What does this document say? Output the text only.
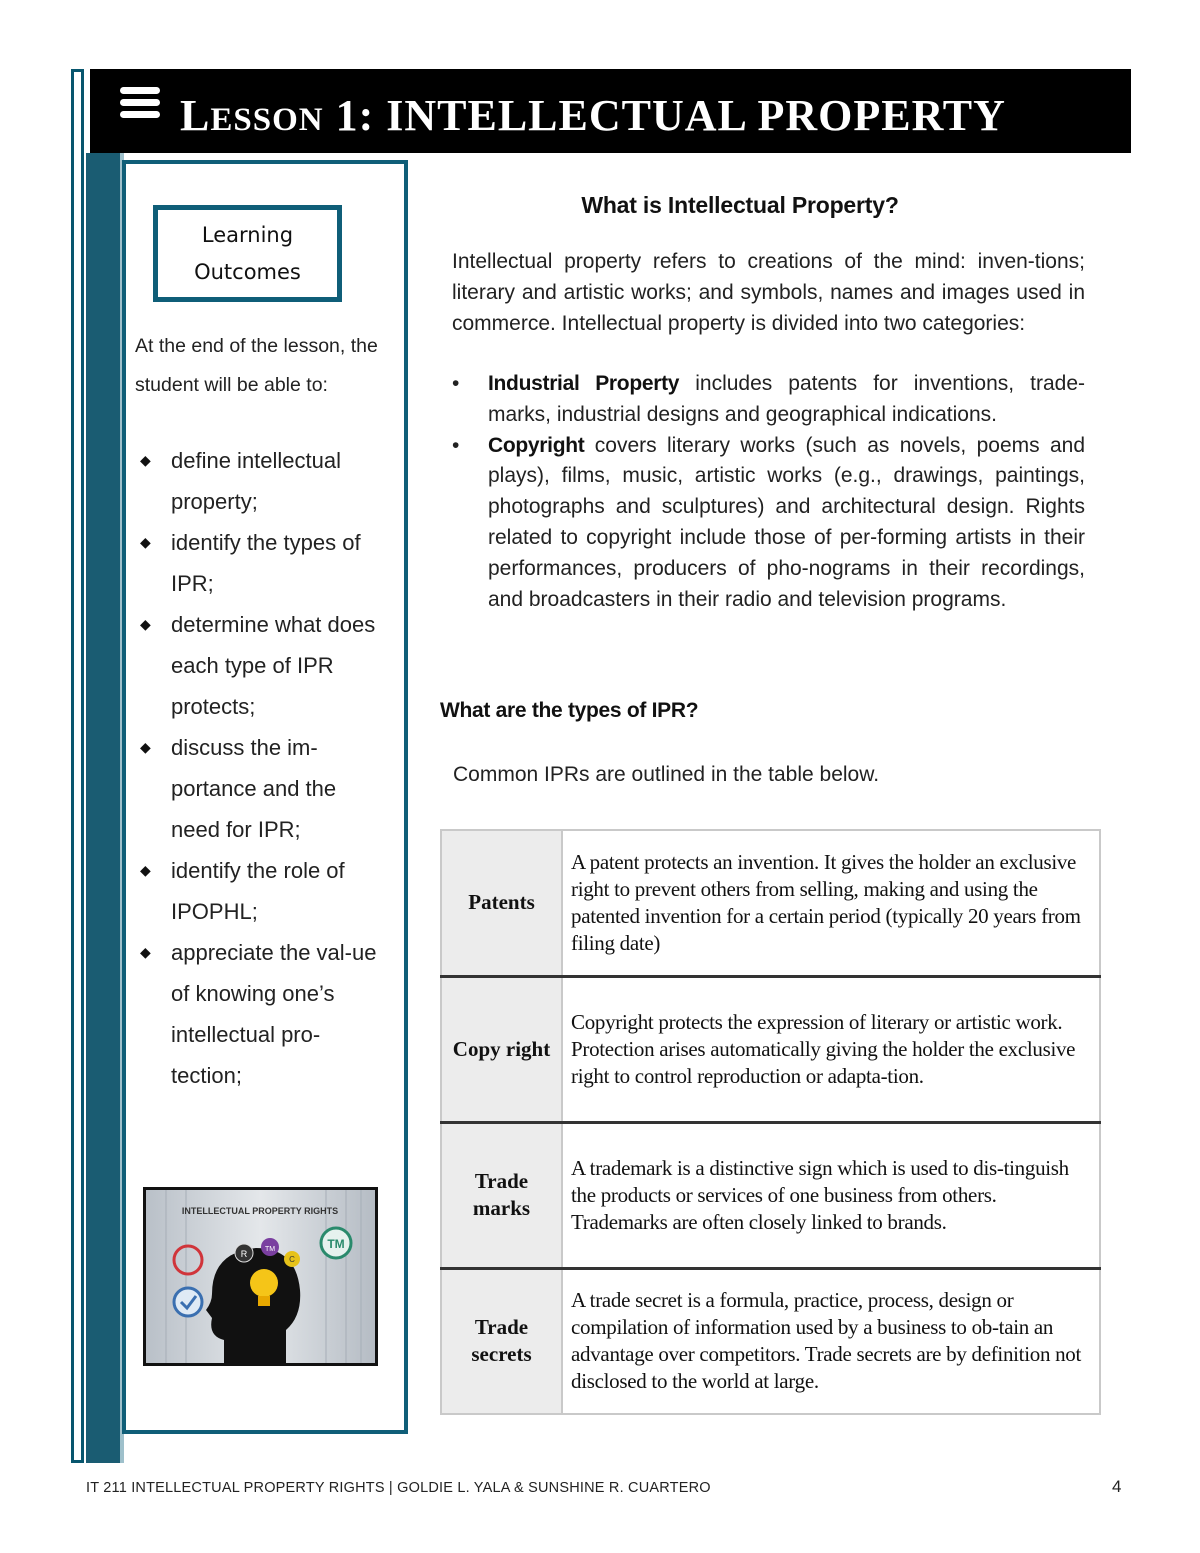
LESSON 1: INTELLECTUAL PROPERTY
Learning
Outcomes
At the end of the lesson, the student will be able to:
◆ define intellectual property;
◆ identify the types of IPR;
◆ determine what does each type of IPR protects;
◆ discuss the im-portance and the need for IPR;
◆ identify the role of IPOPHL;
◆ appreciate the val-ue of knowing one’s intellectual pro-tection;
INTELLECTUAL PROPERTY RIGHTS
R	TM
C
TM
What is Intellectual Property?
Intellectual property refers to creations of the mind: inven-tions; literary and artistic works; and symbols, names and images used in commerce. Intellectual property is divided into two categories:
• Industrial Property includes patents for inventions, trade-marks, industrial designs and geographical indications.
• Copyright covers literary works (such as novels, poems and plays), films, music, artistic works (e.g., drawings, paintings, photographs and sculptures) and architectural design. Rights related to copyright include those of per-forming artists in their performances, producers of pho-nograms in their recordings, and broadcasters in their radio and television programs.
What are the types of IPR?
Common IPRs are outlined in the table below.
Patents	A patent protects an invention. It gives the holder an exclusive right to prevent others from selling, making and using the patented invention for a certain period (typically 20 years from filing date)
Copy right	Copyright protects the expression of literary or artistic work. Protection arises automatically giving the holder the exclusive right to control reproduction or adapta-tion.
Trade marks	A trademark is a distinctive sign which is used to dis-tinguish the products or services of one business from others. Trademarks are often closely linked to brands.
Trade secrets	A trade secret is a formula, practice, process, design or compilation of information used by a business to ob-tain an advantage over competitors. Trade secrets are by definition not disclosed to the world at large.
IT 211 INTELLECTUAL PROPERTY RIGHTS | GOLDIE L. YALA & SUNSHINE R. CUARTERO	4
